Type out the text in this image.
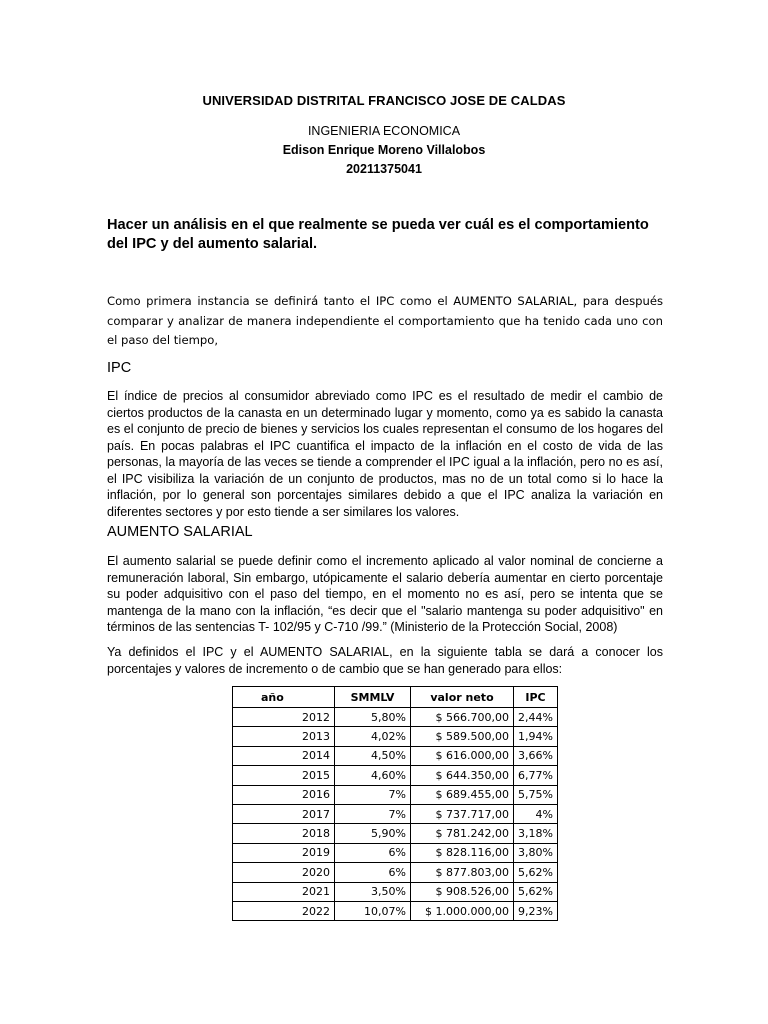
UNIVERSIDAD DISTRITAL FRANCISCO JOSE DE CALDAS
INGENIERIA ECONOMICA
Edison Enrique Moreno Villalobos
20211375041
Hacer un análisis en el que realmente se pueda ver cuál es el comportamiento del IPC y del aumento salarial.
Como primera instancia se definirá tanto el IPC como el AUMENTO SALARIAL, para después comparar y analizar de manera independiente el comportamiento que ha tenido cada uno con el paso del tiempo,
IPC
El índice de precios al consumidor abreviado como IPC es el resultado de medir el cambio de ciertos productos de la canasta en un determinado lugar y momento, como ya es sabido la canasta es el conjunto de precio de bienes y servicios los cuales representan el consumo de los hogares del país. En pocas palabras el IPC cuantifica el impacto de la inflación en el costo de vida de las personas, la mayoría de las veces se tiende a comprender el IPC igual a la inflación, pero no es así, el IPC visibiliza la variación de un conjunto de productos, mas no de un total como si lo hace la inflación, por lo general son porcentajes similares debido a que el IPC analiza la variación en diferentes sectores y por esto tiende a ser similares los valores.
AUMENTO SALARIAL
El aumento salarial se puede definir como el incremento aplicado al valor nominal de concierne a remuneración laboral, Sin embargo, utópicamente el salario debería aumentar en cierto porcentaje su poder adquisitivo con el paso del tiempo, en el momento no es así, pero se intenta que se mantenga de la mano con la inflación, “es decir que el "salario mantenga su poder adquisitivo" en términos de las sentencias T- 102/95 y C-710 /99.” (Ministerio de la Protección Social, 2008)
Ya definidos el IPC y el AUMENTO SALARIAL, en la siguiente tabla se dará a conocer los porcentajes y valores de incremento o de cambio que se han generado para ellos:
año	SMMLV	valor neto	IPC
2012	5,80%	$ 566.700,00	2,44%
2013	4,02%	$ 589.500,00	1,94%
2014	4,50%	$ 616.000,00	3,66%
2015	4,60%	$ 644.350,00	6,77%
2016	7%	$ 689.455,00	5,75%
2017	7%	$ 737.717,00	4%
2018	5,90%	$ 781.242,00	3,18%
2019	6%	$ 828.116,00	3,80%
2020	6%	$ 877.803,00	5,62%
2021	3,50%	$ 908.526,00	5,62%
2022	10,07%	$ 1.000.000,00	9,23%
